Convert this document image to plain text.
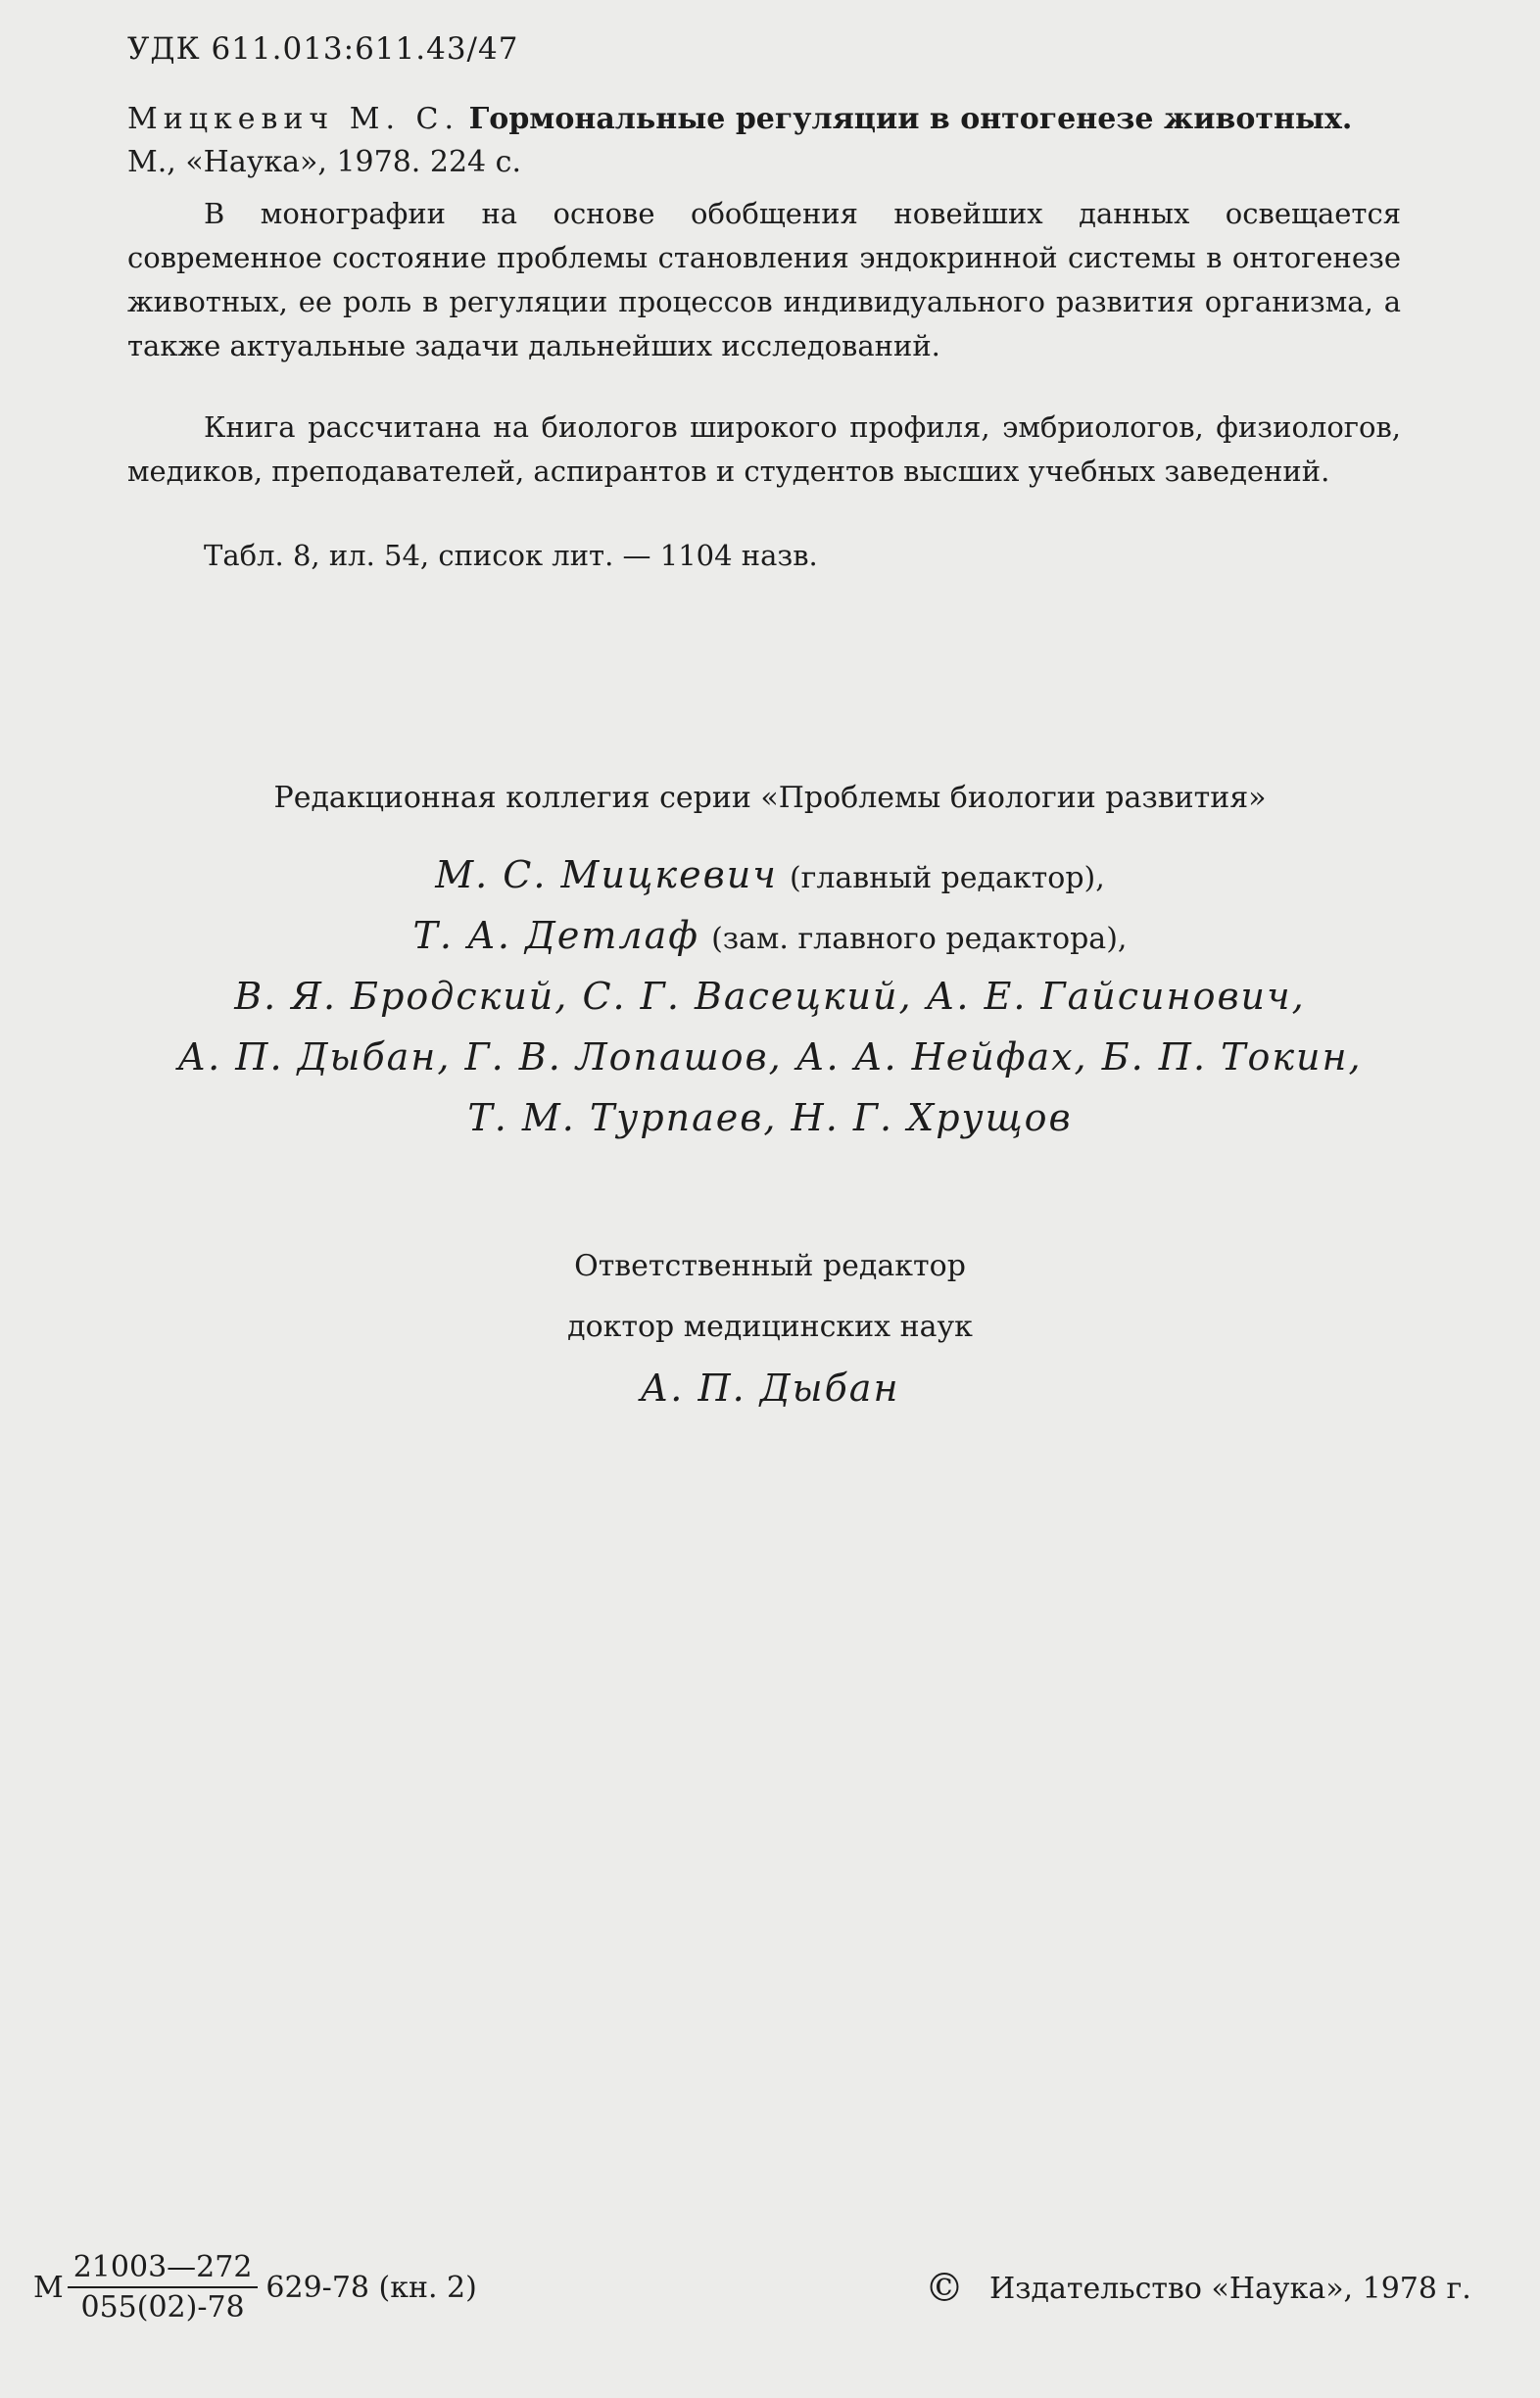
УДК 611.013:611.43/47
Мицкевич М. С. Гормональные регуляции в онтогенезе животных.
М., «Наука», 1978. 224 с.

В монографии на основе обобщения новейших данных освещается современное состояние проблемы становления эндокринной системы в онтогенезе животных, ее роль в регуляции процессов индивидуального развития организма, а также актуальные задачи дальнейших исследований.

Книга рассчитана на биологов широкого профиля, эмбриологов, физиологов, медиков, преподавателей, аспирантов и студентов высших учебных заведений.

Табл. 8, ил. 54, список лит. — 1104 назв.
Редакционная коллегия серии «Проблемы биологии развития»
М. С. Мицкевич (главный редактор),
Т. А. Детлаф (зам. главного редактора),
В. Я. Бродский, С. Г. Васецкий, А. Е. Гайсинович,
А. П. Дыбан, Г. В. Лопашов, А. А. Нейфах, Б. П. Токин,
Т. М. Турпаев, Н. Г. Хрущов
Ответственный редактор
доктор медицинских наук
А. П. Дыбан
М $\frac{21003—272}{055(02)-78} 629-78$ (кн. 2)	© Издательство «Наука», 1978 г.
